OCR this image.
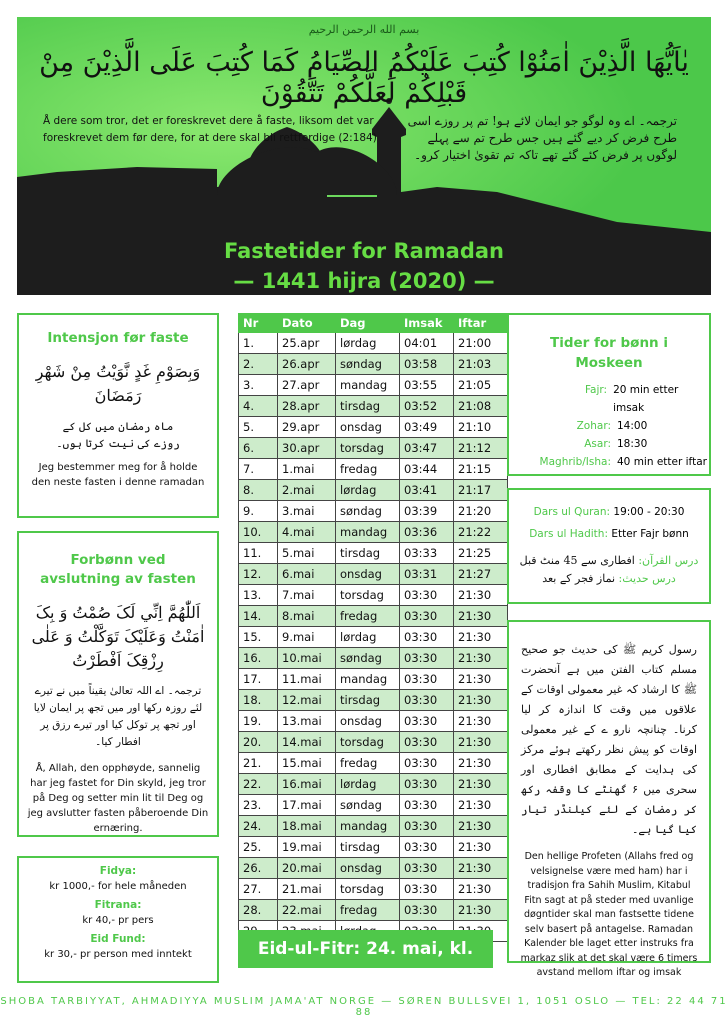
بسم الله الرحمن الرحيم
يٰاَيُّهَا الَّذِيْنَ اٰمَنُوْا كُتِبَ عَلَيْكُمُ الصِّيَامُ كَمَا كُتِبَ عَلَى الَّذِيْنَ مِنْ قَبْلِكُمْ لَعَلَّكُمْ تَتَّقُوْنَ
Å dere som tror, det er foreskrevet dere å faste, liksom det var foreskrevet dem før dere, for at dere skal bli rettferdige (2:184)
ترجمہ۔ اے وہ لوگو جو ایمان لائے ہو! تم پر روزے اسی طرح فرض کر دیے گئے ہیں جس طرح تم سے پہلے لوگوں پر فرض کئے گئے تھے تاکہ تم تقویٰ اختیار کرو۔
Fastetider for Ramadan
— 1441 hijra (2020) —
Intensjon før faste
وَبِصَوْمِ غَدٍ نَّوَيْتُ مِنْ شَهْرِ رَمَضَانَ
ماہ رمضان میں کل کے روزے کی نیت کرتا ہوں۔
Jeg bestemmer meg for å holde den neste fasten i denne ramadan
Forbønn ved avslutning av fasten
اَللّٰهُمَّ اِنِّي لَکَ صُمْتُ وَ بِکَ اٰمَنْتُ وَعَلَيْکَ تَوَکَّلْتُ وَ عَلٰى رِزْقِکَ اَفْطَرْتُ
ترجمہ۔ اے اللہ تعالیٰ یقیناً میں نے تیرے لئے روزہ رکھا اور میں تجھ پر ایمان لایا اور تجھ پر توکل کیا اور تیرے رزق پر افطار کیا۔
Å, Allah, den opphøyde, sannelig har jeg fastet for Din skyld, jeg tror på Deg og setter min lit til Deg og jeg avslutter fasten påberoende Din ernæring.
Fidya:
kr 1000,- for hele måneden
Fitrana:
kr 40,- pr pers
Eid Fund:
kr 30,- pr person med inntekt
Nr	Dato	Dag	Imsak	Iftar
1.	25.apr	lørdag	04:01	21:00
2.	26.apr	søndag	03:58	21:03
3.	27.apr	mandag	03:55	21:05
4.	28.apr	tirsdag	03:52	21:08
5.	29.apr	onsdag	03:49	21:10
6.	30.apr	torsdag	03:47	21:12
7.	1.mai	fredag	03:44	21:15
8.	2.mai	lørdag	03:41	21:17
9.	3.mai	søndag	03:39	21:20
10.	4.mai	mandag	03:36	21:22
11.	5.mai	tirsdag	03:33	21:25
12.	6.mai	onsdag	03:31	21:27
13.	7.mai	torsdag	03:30	21:30
14.	8.mai	fredag	03:30	21:30
15.	9.mai	lørdag	03:30	21:30
16.	10.mai	søndag	03:30	21:30
17.	11.mai	mandag	03:30	21:30
18.	12.mai	tirsdag	03:30	21:30
19.	13.mai	onsdag	03:30	21:30
20.	14.mai	torsdag	03:30	21:30
21.	15.mai	fredag	03:30	21:30
22.	16.mai	lørdag	03:30	21:30
23.	17.mai	søndag	03:30	21:30
24.	18.mai	mandag	03:30	21:30
25.	19.mai	tirsdag	03:30	21:30
26.	20.mai	onsdag	03:30	21:30
27.	21.mai	torsdag	03:30	21:30
28.	22.mai	fredag	03:30	21:30

Eid-ul-Fitr: 24. mai, kl. $10^{30}$
Tider for bønn i Moskeen
Fajr: 20 min etter imsak
Zohar: 14:00
Asar: 18:30
Maghrib/Isha: 40 min etter iftar
Dars ul Quran: 19:00 - 20:30
Dars ul Hadith: Etter Fajr bønn
درس القرآن: افطاری سے 45 منٹ قبل
درس حدیث: نماز فجر کے بعد
رسول کریم ﷺ کی حدیث جو صحیح مسلم کتاب الفتن میں ہے آنحضرت ﷺ کا ارشاد کہ غیر معمولی اوقات کے علاقوں میں وقت کا اندازہ کر لیا کرنا۔ چنانچہ نارو ے کے غیر معمولی اوقات کو پیش نظر رکھتے ہوئے مرکز کی ہدایت کے مطابق افطاری اور سحری میں ۶ گھنٹے کا وقفہ رکھ کر رمضان کے لئے کیلنڈر تیار کیا گیا ہے۔
Den hellige Profeten (Allahs fred og velsignelse være med ham) har i tradisjon fra Sahih Muslim, Kitabul Fitn sagt at på steder med uvanlige døgntider skal man fastsette tidene selv basert på antagelse. Ramadan Kalender ble laget etter instruks fra markaz slik at det skal være 6 timers avstand mellom iftar og imsak
SHOBA TARBIYYAT, AHMADIYYA MUSLIM JAMA'AT NORGE — SØREN BULLSVEI 1, 1051 OSLO — TEL: 22 44 71 88
